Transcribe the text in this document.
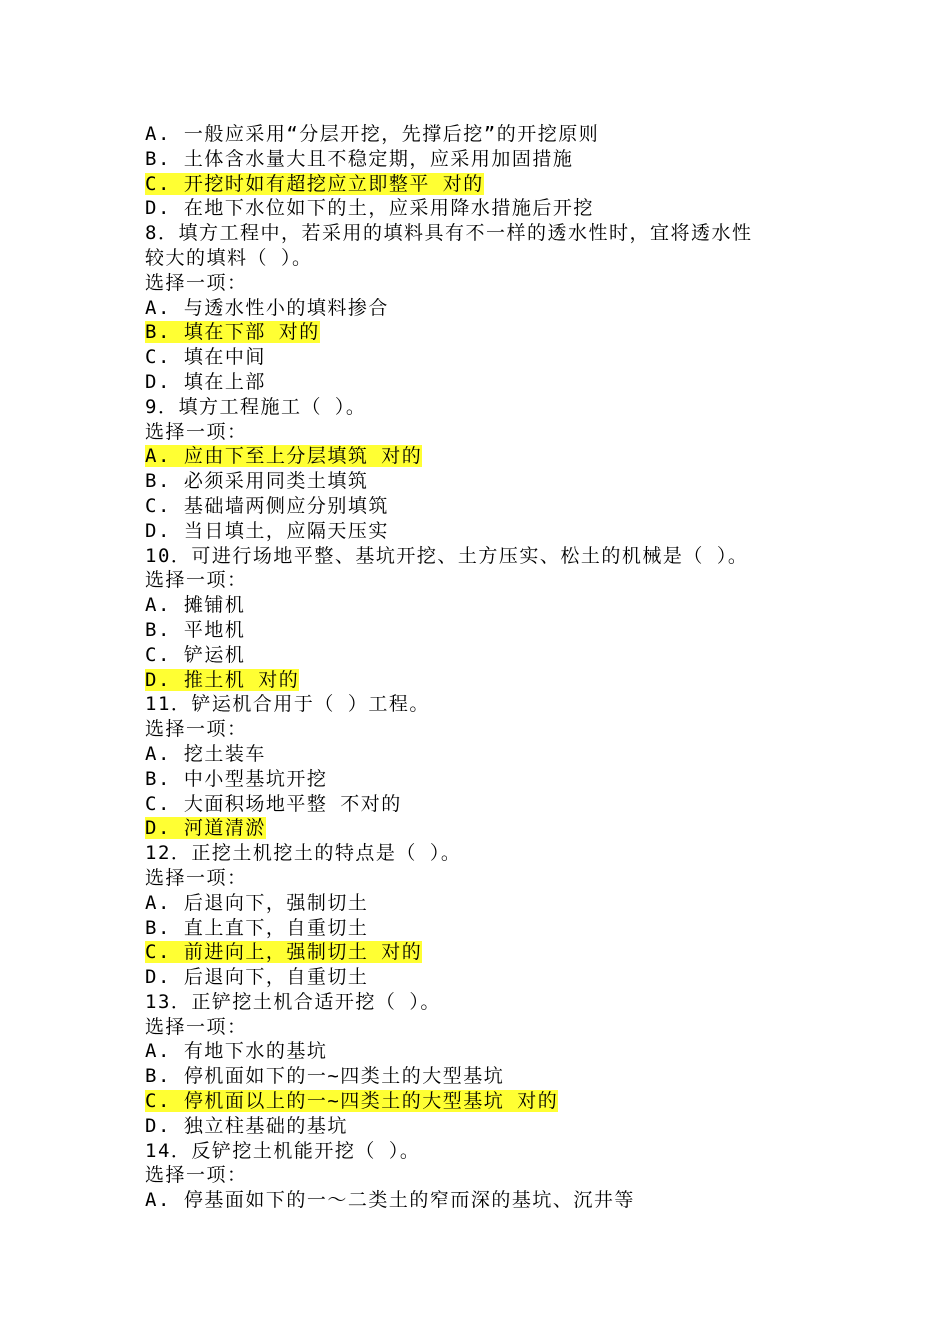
A. 一般应采用“分层开挖，先撑后挖”的开挖原则
B. 土体含水量大且不稳定期，应采用加固措施
C. 开挖时如有超挖应立即整平 对的
D. 在地下水位如下的土，应采用降水措施后开挖
8．填方工程中，若采用的填料具有不一样的透水性时，宜将透水性
较大的填料（ ）。
选择一项：
A. 与透水性小的填料掺合
B. 填在下部 对的
C. 填在中间
D. 填在上部
9．填方工程施工（ ）。
选择一项：
A. 应由下至上分层填筑 对的
B. 必须采用同类土填筑
C. 基础墙两侧应分别填筑
D. 当日填土，应隔天压实
10．可进行场地平整、基坑开挖、土方压实、松土的机械是（ ）。
选择一项：
A. 摊铺机
B. 平地机
C. 铲运机
D. 推土机 对的
11．铲运机合用于（ ）工程。
选择一项：
A. 挖土装车
B. 中小型基坑开挖
C. 大面积场地平整 不对的
D. 河道清淤
12．正挖土机挖土的特点是（ ）。
选择一项：
A. 后退向下，强制切土
B. 直上直下，自重切土
C. 前进向上，强制切土 对的
D. 后退向下，自重切土
13．正铲挖土机合适开挖（ ）。
选择一项：
A. 有地下水的基坑
B. 停机面如下的一~四类土的大型基坑
C. 停机面以上的一~四类土的大型基坑 对的
D. 独立柱基础的基坑
14．反铲挖土机能开挖（ ）。
选择一项：
A. 停基面如下的一～二类土的窄而深的基坑、沉井等
